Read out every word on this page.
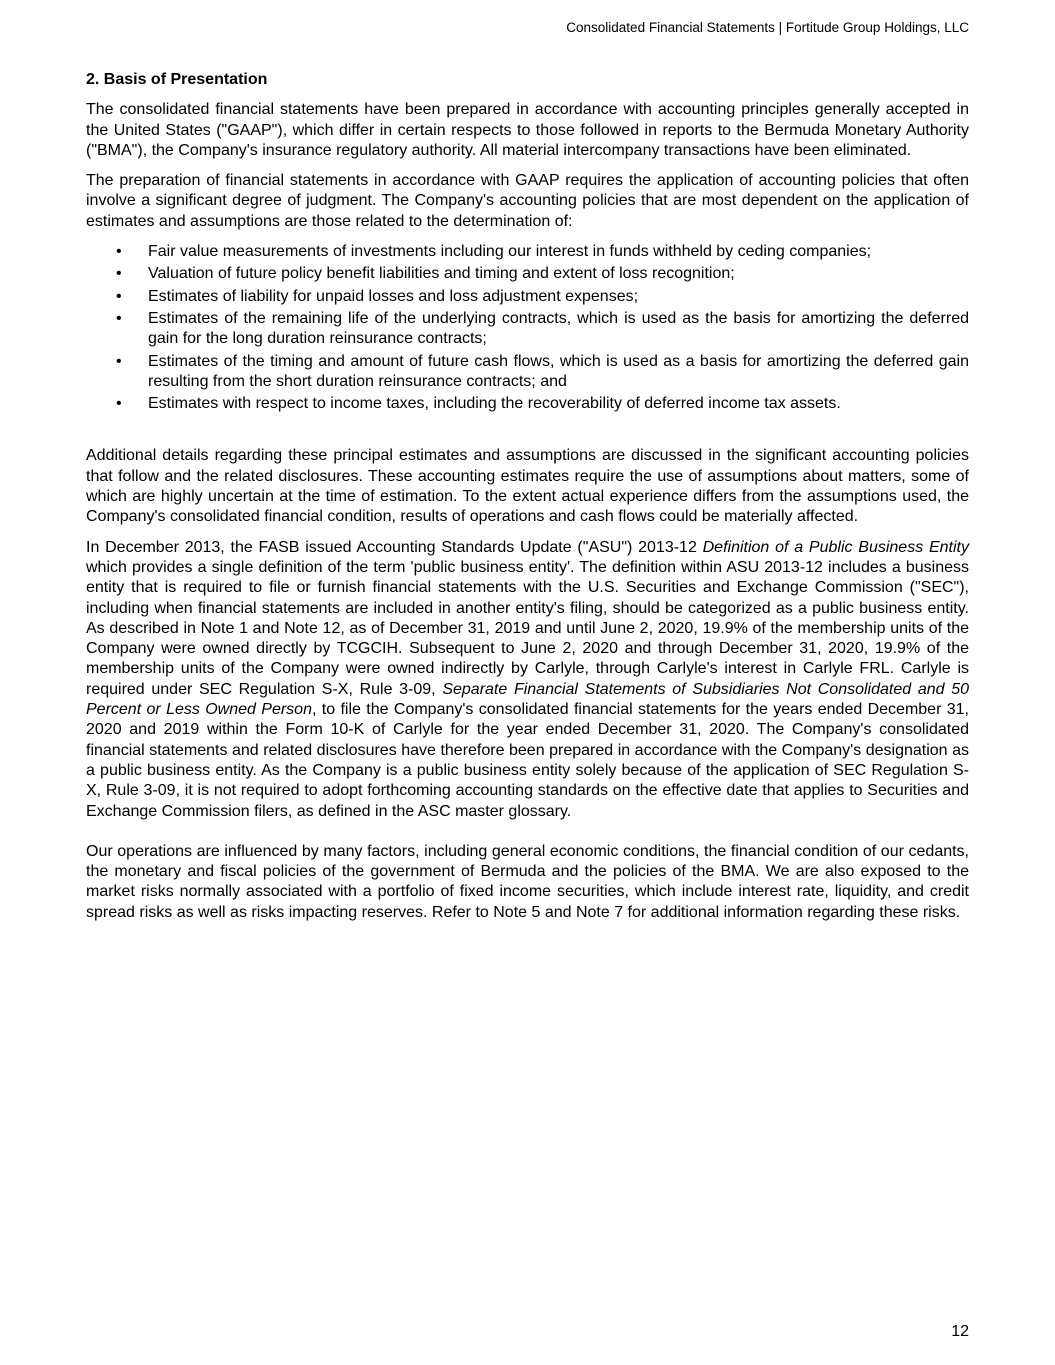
Consolidated Financial Statements | Fortitude Group Holdings, LLC
2. Basis of Presentation

The consolidated financial statements have been prepared in accordance with accounting principles generally accepted in the United States ("GAAP"), which differ in certain respects to those followed in reports to the Bermuda Monetary Authority ("BMA"), the Company's insurance regulatory authority. All material intercompany transactions have been eliminated.

The preparation of financial statements in accordance with GAAP requires the application of accounting policies that often involve a significant degree of judgment. The Company's accounting policies that are most dependent on the application of estimates and assumptions are those related to the determination of:

• Fair value measurements of investments including our interest in funds withheld by ceding companies;
• Valuation of future policy benefit liabilities and timing and extent of loss recognition;
• Estimates of liability for unpaid losses and loss adjustment expenses;
• Estimates of the remaining life of the underlying contracts, which is used as the basis for amortizing the deferred gain for the long duration reinsurance contracts;
• Estimates of the timing and amount of future cash flows, which is used as a basis for amortizing the deferred gain resulting from the short duration reinsurance contracts; and
• Estimates with respect to income taxes, including the recoverability of deferred income tax assets.

Additional details regarding these principal estimates and assumptions are discussed in the significant accounting policies that follow and the related disclosures. These accounting estimates require the use of assumptions about matters, some of which are highly uncertain at the time of estimation. To the extent actual experience differs from the assumptions used, the Company's consolidated financial condition, results of operations and cash flows could be materially affected.

In December 2013, the FASB issued Accounting Standards Update ("ASU") 2013-12 Definition of a Public Business Entity which provides a single definition of the term 'public business entity'. The definition within ASU 2013-12 includes a business entity that is required to file or furnish financial statements with the U.S. Securities and Exchange Commission ("SEC"), including when financial statements are included in another entity's filing, should be categorized as a public business entity. As described in Note 1 and Note 12, as of December 31, 2019 and until June 2, 2020, 19.9% of the membership units of the Company were owned directly by TCGCIH. Subsequent to June 2, 2020 and through December 31, 2020, 19.9% of the membership units of the Company were owned indirectly by Carlyle, through Carlyle's interest in Carlyle FRL. Carlyle is required under SEC Regulation S-X, Rule 3-09, Separate Financial Statements of Subsidiaries Not Consolidated and 50 Percent or Less Owned Person, to file the Company's consolidated financial statements for the years ended December 31, 2020 and 2019 within the Form 10-K of Carlyle for the year ended December 31, 2020. The Company's consolidated financial statements and related disclosures have therefore been prepared in accordance with the Company's designation as a public business entity. As the Company is a public business entity solely because of the application of SEC Regulation S-X, Rule 3-09, it is not required to adopt forthcoming accounting standards on the effective date that applies to Securities and Exchange Commission filers, as defined in the ASC master glossary.

Our operations are influenced by many factors, including general economic conditions, the financial condition of our cedants, the monetary and fiscal policies of the government of Bermuda and the policies of the BMA. We are also exposed to the market risks normally associated with a portfolio of fixed income securities, which include interest rate, liquidity, and credit spread risks as well as risks impacting reserves. Refer to Note 5 and Note 7 for additional information regarding these risks.

12
